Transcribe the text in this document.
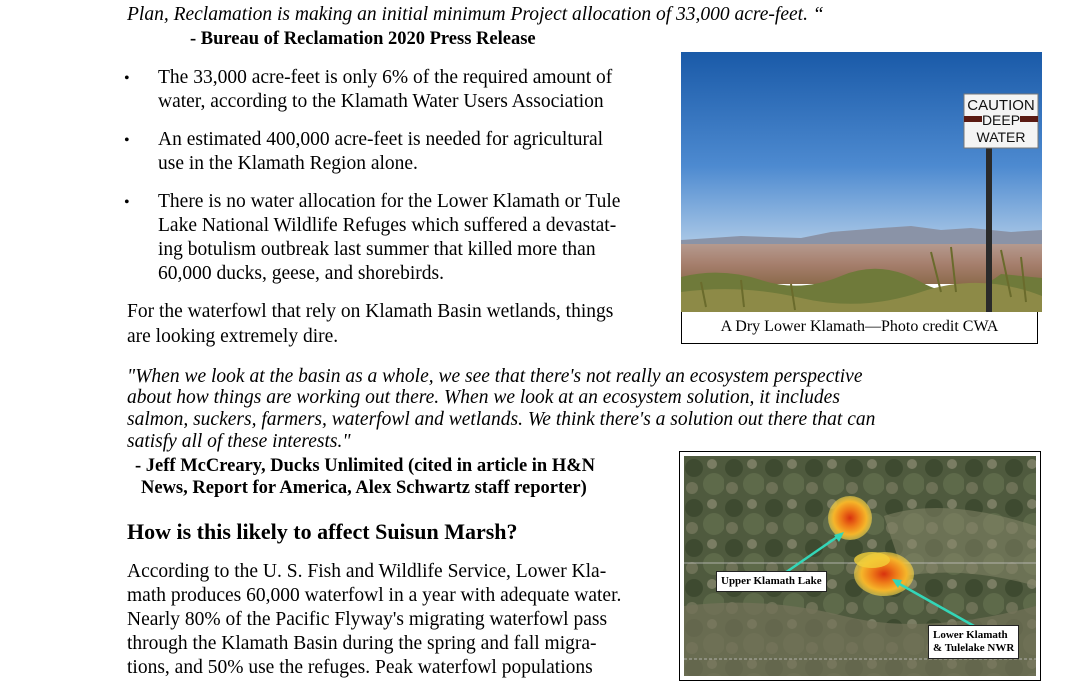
Plan, Reclamation is making an initial minimum Project allocation of 33,000 acre-feet. “
- Bureau of Reclamation 2020 Press Release
• The 33,000 acre-feet is only 6% of the required amount of
water, according to the Klamath Water Users Association
• An estimated 400,000 acre-feet is needed for agricultural
use in the Klamath Region alone.
• There is no water allocation for the Lower Klamath or Tule
Lake National Wildlife Refuges which suffered a devastat-
ing botulism outbreak last summer that killed more than
60,000 ducks, geese, and shorebirds.
For the waterfowl that rely on Klamath Basin wetlands, things
are looking extremely dire.
CAUTION
DEEP
WATER
A Dry Lower Klamath—Photo credit CWA
"When we look at the basin as a whole, we see that there's not really an ecosystem perspective
about how things are working out there. When we look at an ecosystem solution, it includes
salmon, suckers, farmers, waterfowl and wetlands. We think there's a solution out there that can
satisfy all of these interests."
- Jeff McCreary, Ducks Unlimited (cited in article in H&N
News, Report for America, Alex Schwartz staff reporter)
How is this likely to affect Suisun Marsh?
According to the U. S. Fish and Wildlife Service, Lower Kla-
math produces 60,000 waterfowl in a year with adequate water.
Nearly 80% of the Pacific Flyway's migrating waterfowl pass
through the Klamath Basin during the spring and fall migra-
tions, and 50% use the refuges. Peak waterfowl populations
Upper Klamath Lake
Lower Klamath
& Tulelake NWR
